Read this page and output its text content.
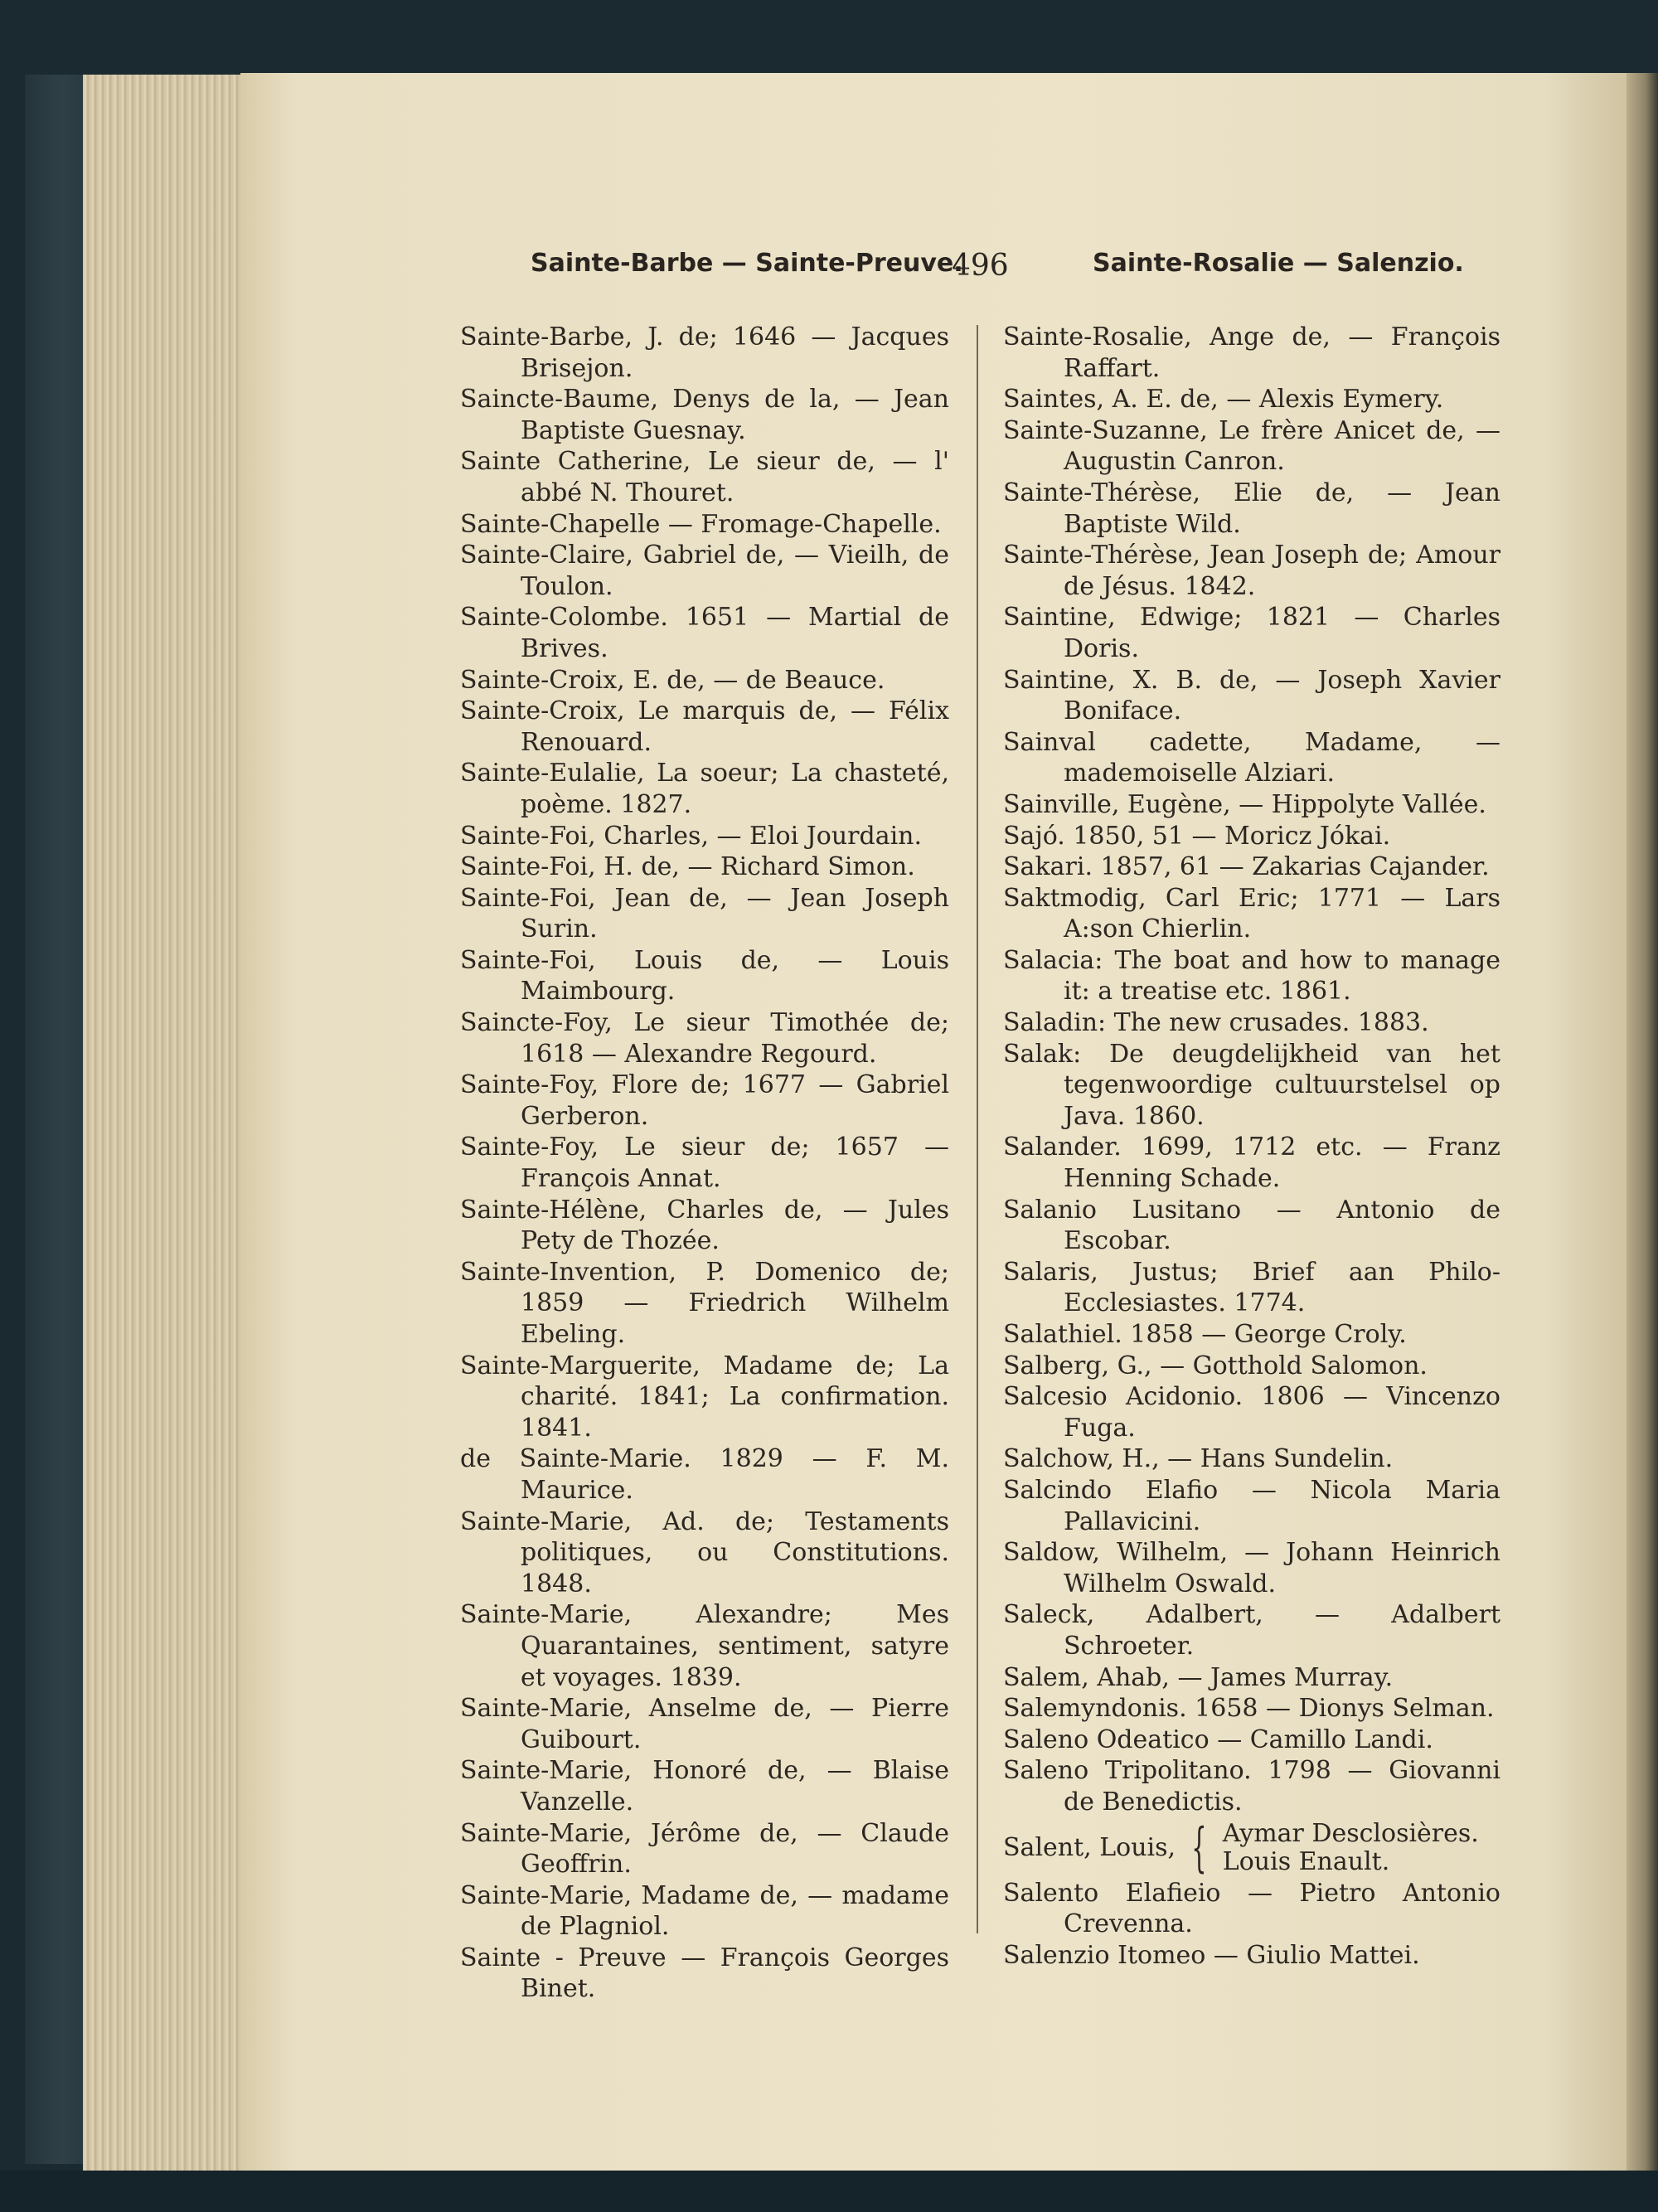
Sainte-Barbe — Sainte-Preuve.
496	Sainte-Rosalie — Salenzio.
Sainte-Barbe, J. de; 1646 — Jacques Brisejon.
Saincte-Baume, Denys de la, — Jean Baptiste Guesnay.
Sainte Catherine, Le sieur de, — l' abbé N. Thouret.
Sainte-Chapelle — Fromage-Chapelle.
Sainte-Claire, Gabriel de, — Vieilh, de Toulon.
Sainte-Colombe. 1651 — Martial de Brives.
Sainte-Croix, E. de, — de Beauce.
Sainte-Croix, Le marquis de, — Félix Renouard.
Sainte-Eulalie, La soeur; La chasteté, poème. 1827.
Sainte-Foi, Charles, — Eloi Jourdain.
Sainte-Foi, H. de, — Richard Simon.
Sainte-Foi, Jean de, — Jean Joseph Surin.
Sainte-Foi, Louis de, — Louis Maimbourg.
Saincte-Foy, Le sieur Timothée de; 1618 — Alexandre Regourd.
Sainte-Foy, Flore de; 1677 — Gabriel Gerberon.
Sainte-Foy, Le sieur de; 1657 — François Annat.
Sainte-Hélène, Charles de, — Jules Pety de Thozée.
Sainte-Invention, P. Domenico de; 1859 — Friedrich Wilhelm Ebeling.
Sainte-Marguerite, Madame de; La charité. 1841; La confirmation. 1841.
de Sainte-Marie. 1829 — F. M. Maurice.
Sainte-Marie, Ad. de; Testaments politiques, ou Constitutions. 1848.
Sainte-Marie, Alexandre; Mes Quarantaines, sentiment, satyre et voyages. 1839.
Sainte-Marie, Anselme de, — Pierre Guibourt.
Sainte-Marie, Honoré de, — Blaise Vanzelle.
Sainte-Marie, Jérôme de, — Claude Geoffrin.
Sainte-Marie, Madame de, — madame de Plagniol.
Sainte - Preuve — François Georges Binet.
Sainte-Rosalie, Ange de, — François Raffart.
Saintes, A. E. de, — Alexis Eymery.
Sainte-Suzanne, Le frère Anicet de, — Augustin Canron.
Sainte-Thérèse, Elie de, — Jean Baptiste Wild.
Sainte-Thérèse, Jean Joseph de; Amour de Jésus. 1842.
Saintine, Edwige; 1821 — Charles Doris.
Saintine, X. B. de, — Joseph Xavier Boniface.
Sainval cadette, Madame, — mademoiselle Alziari.
Sainville, Eugène, — Hippolyte Vallée.
Sajó. 1850, 51 — Moricz Jókai.
Sakari. 1857, 61 — Zakarias Cajander.
Saktmodig, Carl Eric; 1771 — Lars A:son Chierlin.
Salacia: The boat and how to manage it: a treatise etc. 1861.
Saladin: The new crusades. 1883.
Salak: De deugdelijkheid van het tegenwoordige cultuurstelsel op Java. 1860.
Salander. 1699, 1712 etc. — Franz Henning Schade.
Salanio Lusitano — Antonio de Escobar.
Salaris, Justus; Brief aan Philo-Ecclesiastes. 1774.
Salathiel. 1858 — George Croly.
Salberg, G., — Gotthold Salomon.
Salcesio Acidonio. 1806 — Vincenzo Fuga.
Salchow, H., — Hans Sundelin.
Salcindo Elafio — Nicola Maria Pallavicini.
Saldow, Wilhelm, — Johann Heinrich Wilhelm Oswald.
Saleck, Adalbert, — Adalbert Schroeter.
Salem, Ahab, — James Murray.
Salemyndonis. 1658 — Dionys Selman.
Saleno Odeatico — Camillo Landi.
Saleno Tripolitano. 1798 — Giovanni de Benedictis.
Salent, Louis, { Aymar Desclosières.
Louis Enault.
Salento Elafieio — Pietro Antonio Crevenna.
Salenzio Itomeo — Giulio Mattei.
